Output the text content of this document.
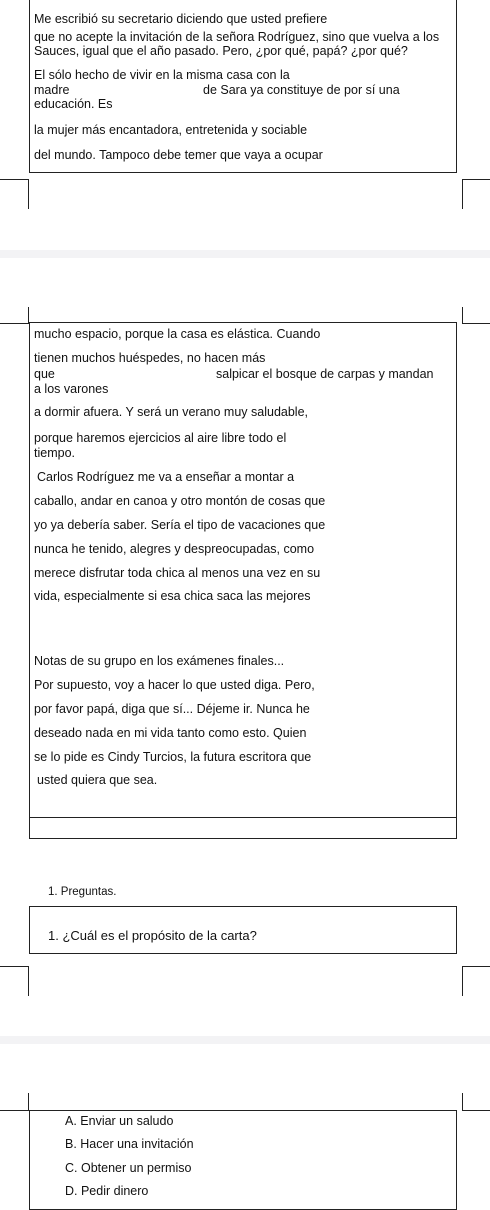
Me escribió su secretario diciendo que usted prefiere
que no acepte la invitación de la señora Rodríguez, sino que vuelva a los
Sauces, igual que el año pasado. Pero, ¿por qué, papá? ¿por qué?
El sólo hecho de vivir en la misma casa con la
madre	de Sara ya constituye de por sí una
educación. Es
la mujer más encantadora, entretenida y sociable
del mundo. Tampoco debe temer que vaya a ocupar
mucho espacio, porque la casa es elástica. Cuando
tienen muchos huéspedes, no hacen más
que	salpicar el bosque de carpas y mandan
a los varones
a dormir afuera. Y será un verano muy saludable,
porque haremos ejercicios al aire libre todo el
tiempo.
Carlos Rodríguez me va a enseñar a montar a
caballo, andar en canoa y otro montón de cosas que
yo ya debería saber. Sería el tipo de vacaciones que
nunca he tenido, alegres y despreocupadas, como
merece disfrutar toda chica al menos una vez en su
vida, especialmente si esa chica saca las mejores
Notas de su grupo en los exámenes finales...
Por supuesto, voy a hacer lo que usted diga. Pero,
por favor papá, diga que sí... Déjeme ir. Nunca he
deseado nada en mi vida tanto como esto. Quien
se lo pide es Cindy Turcios, la futura escritora que
usted quiera que sea.
1. Preguntas.
1. ¿Cuál es el propósito de la carta?
A. Enviar un saludo
B. Hacer una invitación
C. Obtener un permiso
D. Pedir dinero
